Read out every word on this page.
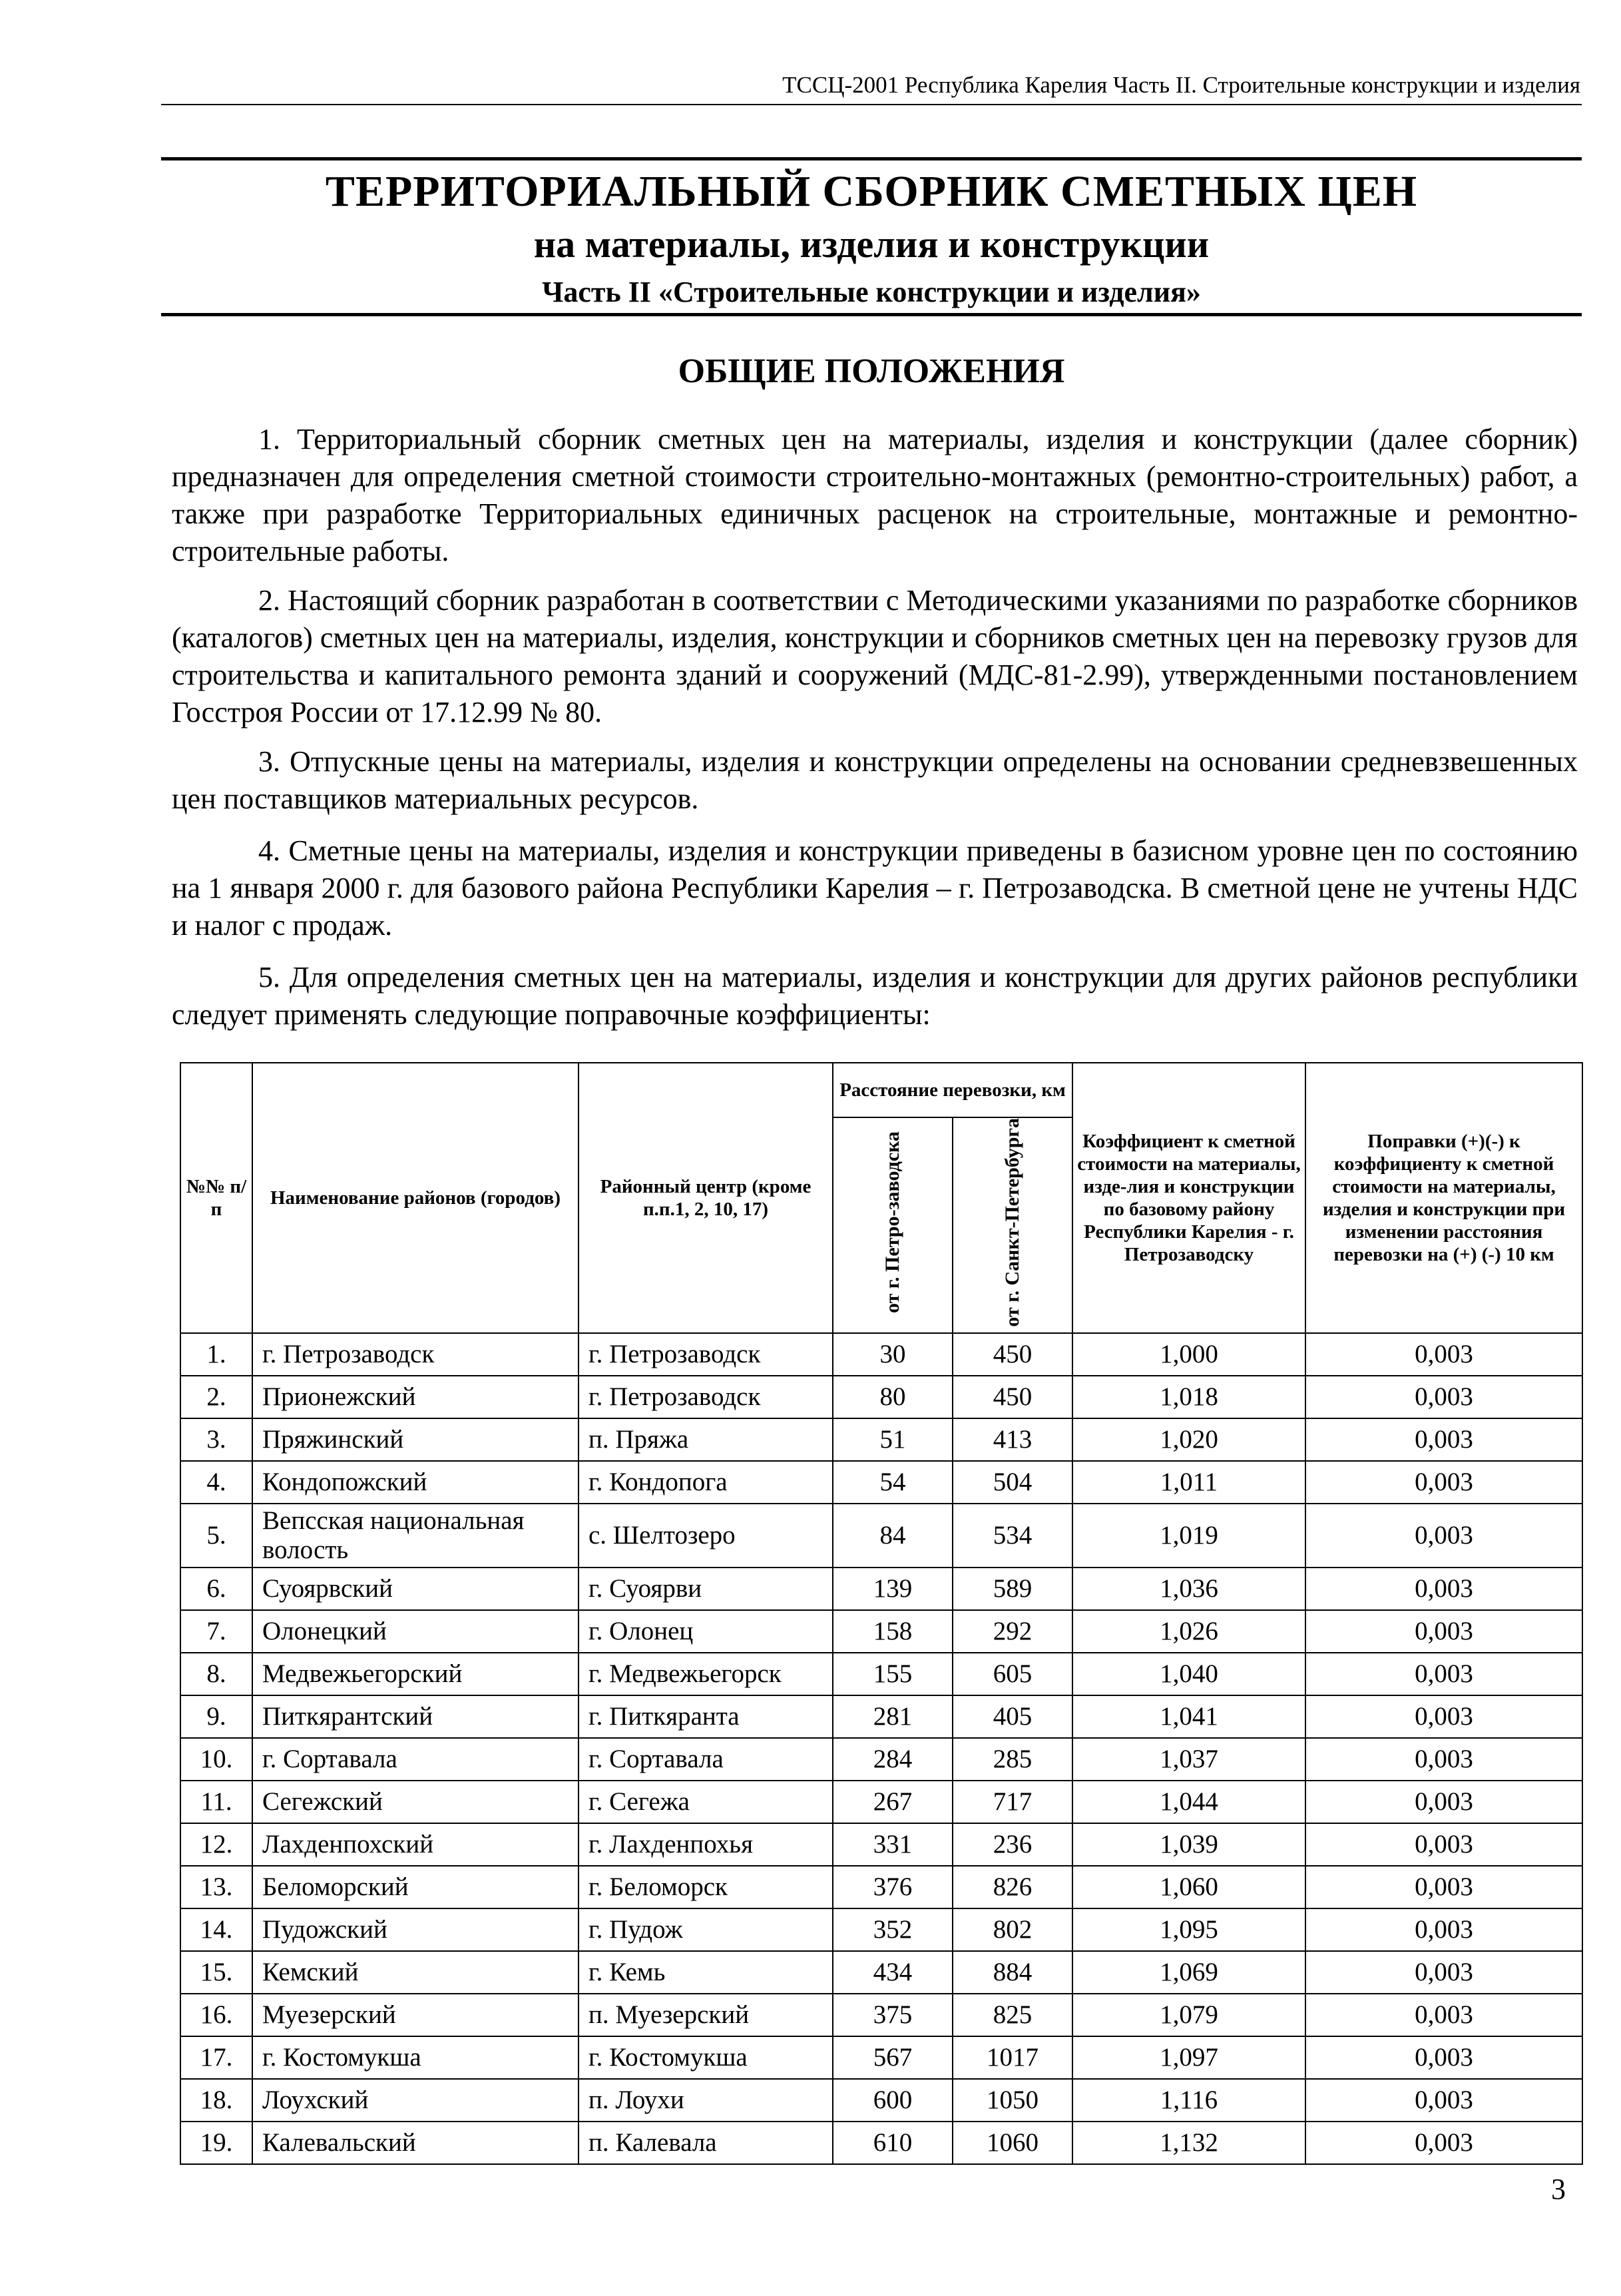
ТССЦ-2001 Республика Карелия Часть II. Строительные конструкции и изделия
ТЕРРИТОРИАЛЬНЫЙ СБОРНИК СМЕТНЫХ ЦЕН
на материалы, изделия и конструкции
Часть II «Строительные конструкции и изделия»
ОБЩИЕ ПОЛОЖЕНИЯ
1. Территориальный сборник сметных цен на материалы, изделия и конструкции (далее сборник) предназначен для определения сметной стоимости строительно-монтажных (ремонтно-строительных) работ, а также при разработке Территориальных единичных расценок на строительные, монтажные и ремонтно-строительные работы.
2. Настоящий сборник разработан в соответствии с Методическими указаниями по разработке сборников (каталогов) сметных цен на материалы, изделия, конструкции и сборников сметных цен на перевозку грузов для строительства и капитального ремонта зданий и сооружений (МДС-81-2.99), утвержденными постановлением Госстроя России от 17.12.99 № 80.
3. Отпускные цены на материалы, изделия и конструкции определены на основании средневзвешенных цен поставщиков материальных ресурсов.
4. Сметные цены на материалы, изделия и конструкции приведены в базисном уровне цен по состоянию на 1 января 2000 г. для базового района Республики Карелия – г. Петрозаводска. В сметной цене не учтены НДС и налог с продаж.
5. Для определения сметных цен на материалы, изделия и конструкции для других районов республики следует применять следующие поправочные коэффициенты:
№№ п/п	Наименование районов (городов)	Районный центр (кроме п.п.1, 2, 10, 17)	Расстояние перевозки, км		Коэффициент к сметной стоимости на материалы, изде-лия и конструкции по базовому району Республики Карелия - г. Петрозаводску	Поправки (+)(-) к коэффициенту к сметной стоимости на материалы, изделия и конструкции при изменении расстояния перевозки на (+) (-) 10 км
			от г. Петро-заводска	от г. Санкт-Петербурга		
1.	г. Петрозаводск	г. Петрозаводск	30	450	1,000	0,003
2.	Прионежский	г. Петрозаводск	80	450	1,018	0,003
3.	Пряжинский	п. Пряжа	51	413	1,020	0,003
4.	Кондопожский	г. Кондопога	54	504	1,011	0,003
5.	Вепсская национальная волость	с. Шелтозеро	84	534	1,019	0,003
6.	Суоярвский	г. Суоярви	139	589	1,036	0,003
7.	Олонецкий	г. Олонец	158	292	1,026	0,003
8.	Медвежьегорский	г. Медвежьегорск	155	605	1,040	0,003
9.	Питкярантский	г. Питкяранта	281	405	1,041	0,003
10.	г. Сортавала	г. Сортавала	284	285	1,037	0,003
11.	Сегежский	г. Сегежа	267	717	1,044	0,003
12.	Лахденпохский	г. Лахденпохья	331	236	1,039	0,003
13.	Беломорский	г. Беломорск	376	826	1,060	0,003
14.	Пудожский	г. Пудож	352	802	1,095	0,003
15.	Кемский	г. Кемь	434	884	1,069	0,003
16.	Муезерский	п. Муезерский	375	825	1,079	0,003
17.	г. Костомукша	г. Костомукша	567	1017	1,097	0,003
18.	Лоухский	п. Лоухи	600	1050	1,116	0,003
19.	Калевальский	п. Калевала	610	1060	1,132	0,003
3
